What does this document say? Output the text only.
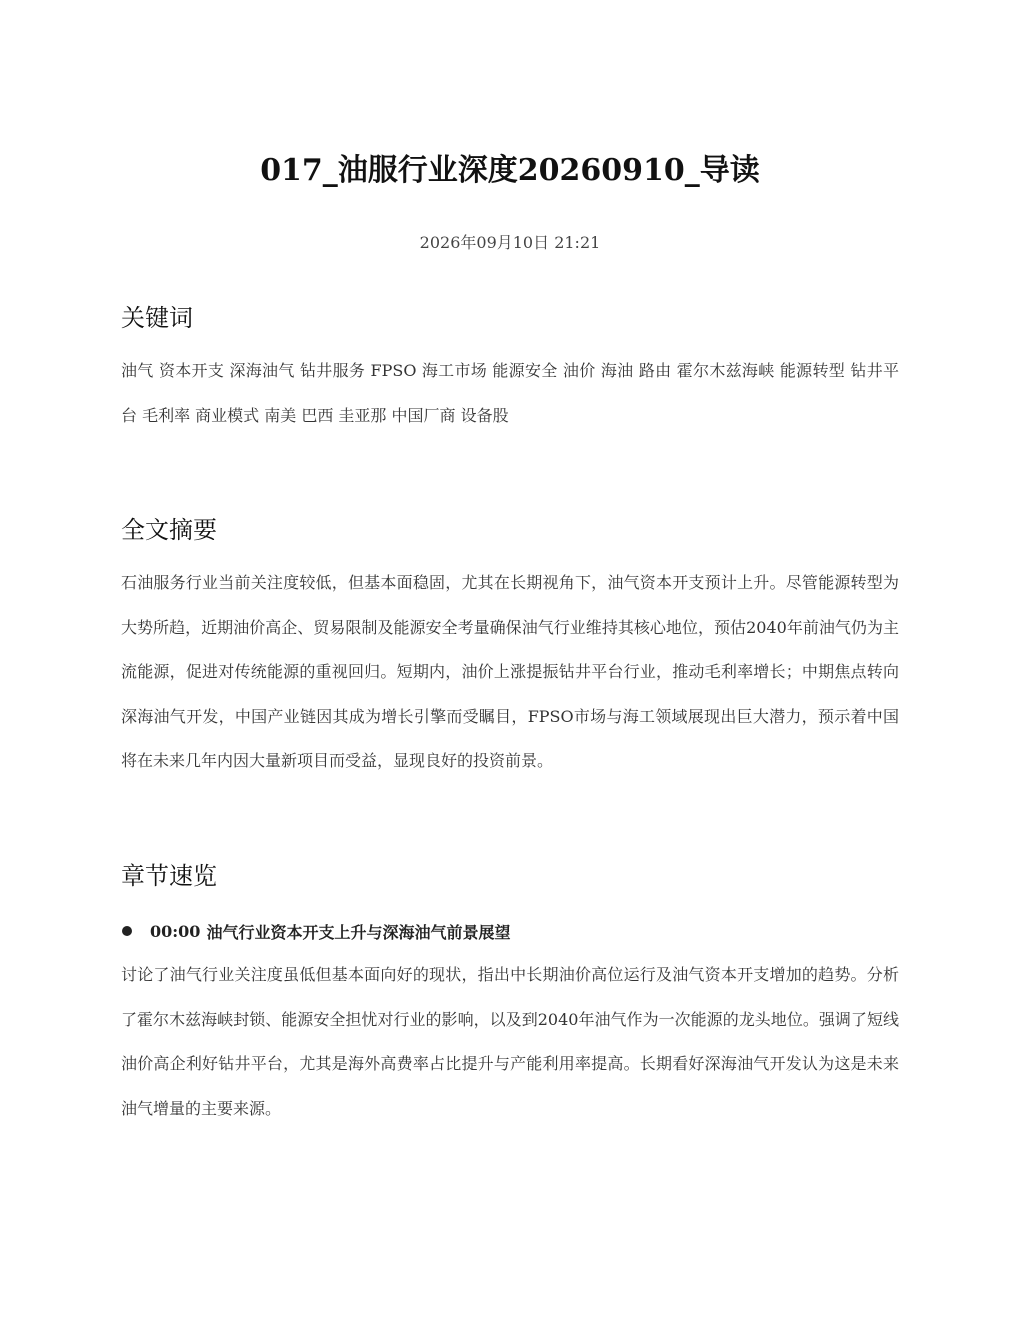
017_油服行业深度20260910_导读
2026年09月10日 21:21
关键词

油气 资本开支 深海油气 钻井服务 FPSO 海工市场 能源安全 油价 海油 路由 霍尔木兹海峡 能源转型 钻井平台 毛利率 商业模式 南美 巴西 圭亚那 中国厂商 设备股

全文摘要

石油服务行业当前关注度较低，但基本面稳固，尤其在长期视角下，油气资本开支预计上升。尽管能源转型为大势所趋，近期油价高企、贸易限制及能源安全考量确保油气行业维持其核心地位，预估2040年前油气仍为主流能源，促进对传统能源的重视回归。短期内，油价上涨提振钻井平台行业，推动毛利率增长；中期焦点转向深海油气开发，中国产业链因其成为增长引擎而受瞩目，FPSO市场与海工领域展现出巨大潜力，预示着中国将在未来几年内因大量新项目而受益，显现良好的投资前景。

章节速览
00:00 油气行业资本开支上升与深海油气前景展望

讨论了油气行业关注度虽低但基本面向好的现状，指出中长期油价高位运行及油气资本开支增加的趋势。分析了霍尔木兹海峡封锁、能源安全担忧对行业的影响，以及到2040年油气作为一次能源的龙头地位。强调了短线油价高企利好钻井平台，尤其是海外高费率占比提升与产能利用率提高。长期看好深海油气开发认为这是未来油气增量的主要来源。
